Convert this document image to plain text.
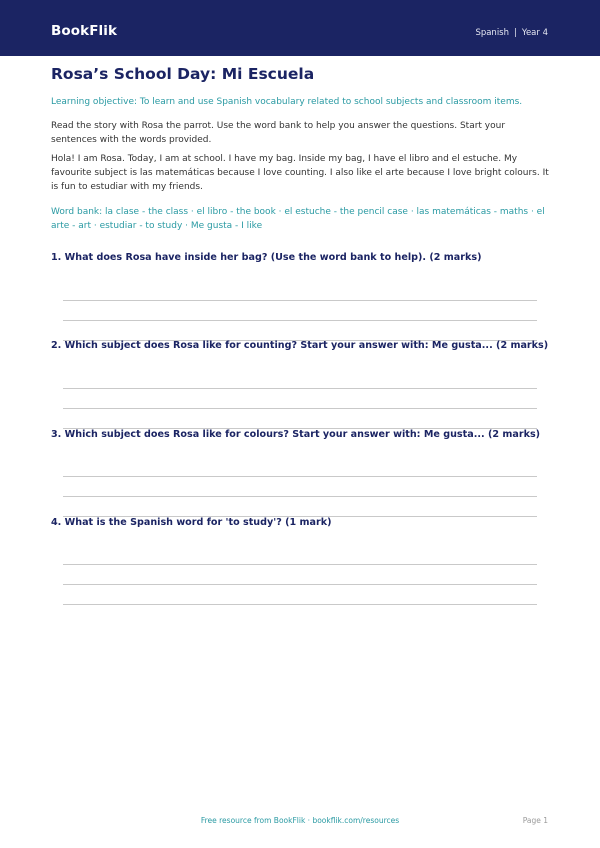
BookFlik	Spanish | Year 4
Rosa’s School Day: Mi Escuela
Learning objective: To learn and use Spanish vocabulary related to school subjects and classroom items.

Read the story with Rosa the parrot. Use the word bank to help you answer the questions. Start your sentences with the words provided.

Hola! I am Rosa. Today, I am at school. I have my bag. Inside my bag, I have el libro and el estuche. My favourite subject is las matemáticas because I love counting. I also like el arte because I love bright colours. It is fun to estudiar with my friends.

Word bank: la clase - the class · el libro - the book · el estuche - the pencil case · las matemáticas - maths · el arte - art · estudiar - to study · Me gusta - I like
1. What does Rosa have inside her bag? (Use the word bank to help). (2 marks)
2. Which subject does Rosa like for counting? Start your answer with: Me gusta... (2 marks)
3. Which subject does Rosa like for colours? Start your answer with: Me gusta... (2 marks)
4. What is the Spanish word for 'to study'? (1 mark)
Free resource from BookFlik · bookflik.com/resources	Page 1
